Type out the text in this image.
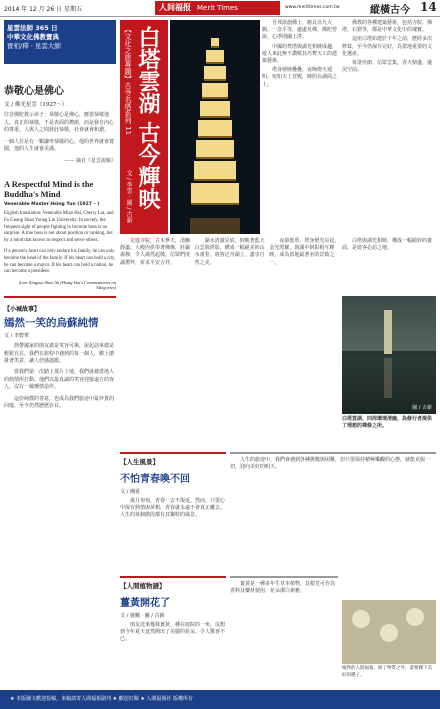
2014 年 12 月 26 日 星期五	人间福报 Merit Times	www.merittimes.com.tw	縱橫古今 14
星雲法師 365 日
中華文化佛教寶典
寶相/釋 · 星雲大師
恭敬心是佛心
文 / 佛光星雲（1927～）

往昔佛陀教示弟子：恭敬心是佛心，應當恭敬他人。真正的恭敬，不是表面的禮節，而是發自內心的尊重。人與人之間彼此恭敬，社會就會和諧。

一個人若是有一顆謙卑恭敬的心，他的世界就會寬闊，他的人生就會美滿。

—— 摘自《星雲說喻》

A Respectful Mind is the Buddha's Mind
Venerable Master Hsing Yun (1927 – )

English translation: Venerable Miao Hsi, Cherry Lai, and Fo Guang Shan Young Lin University. In society, the frequent sight of people fighting to become boss is no surprise. A true boss is not about position or ranking, but by a mind that knows to respect and serve others.

If a person's heart can only endure his family, he can only become the head of the family. If his heart can hold a city, he can become a mayor. If his heart can hold a nation, he can become a president.

from Xingyun Shuo Yu (Hsing Yun's Commentaries on Allegories)

【小城故事】
嫣然一笑的烏蘇純情
文 / 李碧華

熱帶國家的朋友總是笑容可掬，說起話來總是輕鬆自在。我們在旅程中遇到的每一個人，臉上總掛著笑意，讓人倍感溫暖。

當我們第一次踏上那片土地，我們就被當地人的熱情所打動。他們以最真誠的笑容迎接遠方的客人，沒有一絲矯情造作。

這份純樸的善意，也成為我們旅途中最珍貴的回憶，至今仍然歷歷在目。

【文化之旅專題】古寺名塔系列 11 白塔雲湖 古今輝映
文 / 李雲 · 圖 / 古新

吾邦欲創佛土，應具非凡大願，一念平等，處處見佛。佛陀曾說，心淨則國土淨。

中國的梵塔與湖光相映成趣，遊人來此無不讚歎其巧奪天工的建築藝術。

塔身層層疊疊，夜晚燈火通明，宛如天上宮殿，映照在湖面之上。

佛教的各種建築藝術，包括寺院、佛塔、石窟等，都是中華文化中的瑰寶。

這座白塔始建於千年之前，歷經多次修葺，至今仍保存完好，為當地重要的文化遺產。

每逢佳節，信眾雲集，香火鼎盛，盛況空前。

走進寺院，古木參天，清幽靜謐。大殿內供奉著佛像，莊嚴肅穆，令人肅然起敬。信眾們虔誠禮拜，祈求平安吉祥。

湖水清澈見底，倒映著藍天白雲與塔影，構成一幅絕美的山水畫卷。遊客泛舟湖上，盡享自然之美。

夜幕低垂，塔身燈光亮起，金光閃耀，與湖中倒影相互輝映，成為當地最著名的景致之一。

白塔與湖光相映，構成一幅絕妙的畫面，是遊客必訪之地。

圖 / 古新
白塔雲湖，四周環境清幽，為修行者提供了理想的禪修之所。
【人生風景】
不怕青春喚不回
文 / 湘夏

歲月匆匆，青春一去不復返。然而，只要心中保有熱情與夢想，青春就永遠不會真正離去。人生的每個階段都有其獨特的風景。

人生的旅途中，我們會遇到各種挑戰與困難，但只要保持積極樂觀的心態，就能克服一切，迎向美好的明天。

【人間植物譜】
薑黃開花了
文 / 黃蘭 · 圖 / 古新

朋友送來幾株薑黃，種在庭院的一角。沒想到今年夏天竟然開出了美麗的花朵，令人驚喜不已。

薑黃是一種多年生草本植物，其根莖可作為香料及藥材使用，花朵潔白素雅。

植物的人間福報，除了物質之外，還要種下美好的種子。
★ 本版圖文歡迎投稿，來稿請寄人間福報副刊 ★ 歡迎訂閱 ★ 人間福報社 版權所有
